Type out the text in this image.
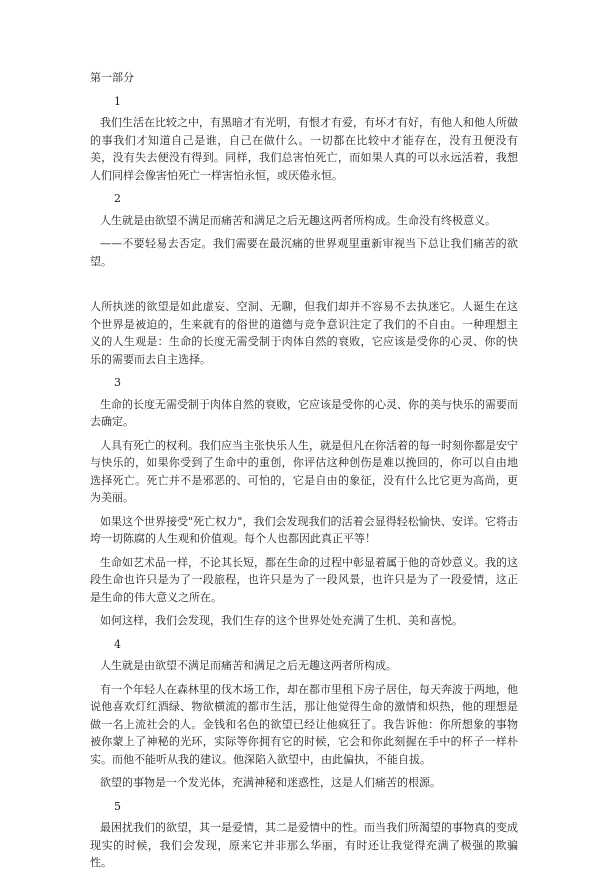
第一部分

1

我们生活在比较之中，有黑暗才有光明，有恨才有爱，有坏才有好，有他人和他人所做的事我们才知道自己是谁，自己在做什么。一切都在比较中才能存在，没有丑便没有美，没有失去便没有得到。同样，我们总害怕死亡，而如果人真的可以永远活着，我想人们同样会像害怕死亡一样害怕永恒，或厌倦永恒。

2

人生就是由欲望不满足而痛苦和满足之后无趣这两者所构成。生命没有终极意义。

——不要轻易去否定。我们需要在最沉痛的世界观里重新审视当下总让我们痛苦的欲望。

人所执迷的欲望是如此虚妄、空洞、无聊，但我们却并不容易不去执迷它。人诞生在这个世界是被迫的，生来就有的俗世的道德与竞争意识注定了我们的不自由。一种理想主义的人生观是：生命的长度无需受制于肉体自然的衰败，它应该是受你的心灵、你的快乐的需要而去自主选择。

3

生命的长度无需受制于肉体自然的衰败，它应该是受你的心灵、你的美与快乐的需要而去确定。

人具有死亡的权利。我们应当主张快乐人生，就是但凡在你活着的每一时刻你都是安宁与快乐的，如果你受到了生命中的重创，你评估这种创伤是难以挽回的，你可以自由地选择死亡。死亡并不是邪恶的、可怕的，它是自由的象征，没有什么比它更为高尚，更为美丽。

如果这个世界接受"死亡权力"，我们会发现我们的活着会显得轻松愉快、安详。它将击垮一切陈腐的人生观和价值观。每个人也都因此真正平等！

生命如艺术品一样，不论其长短，都在生命的过程中彰显着属于他的奇妙意义。我的这段生命也许只是为了一段旅程，也许只是为了一段风景，也许只是为了一段爱情，这正是生命的伟大意义之所在。

如何这样，我们会发现，我们生存的这个世界处处充满了生机、美和喜悦。

4

人生就是由欲望不满足而痛苦和满足之后无趣这两者所构成。

有一个年轻人在森林里的伐木场工作，却在都市里租下房子居住，每天奔波于两地，他说他喜欢灯红酒绿、物欲横流的都市生活，那让他觉得生命的激情和炽热，他的理想是做一名上流社会的人。金钱和名色的欲望已经让他疯狂了。我告诉他：你所想象的事物被你蒙上了神秘的光环，实际等你拥有它的时候，它会和你此刻握在手中的杯子一样朴实。而他不能听从我的建议。他深陷入欲望中，由此偏执，不能自拔。

欲望的事物是一个发光体，充满神秘和迷惑性，这是人们痛苦的根源。

5

最困扰我们的欲望，其一是爱情，其二是爱情中的性。而当我们所渴望的事物真的变成现实的时候，我们会发现，原来它并非那么华丽，有时还让我觉得充满了极强的欺骗性。
